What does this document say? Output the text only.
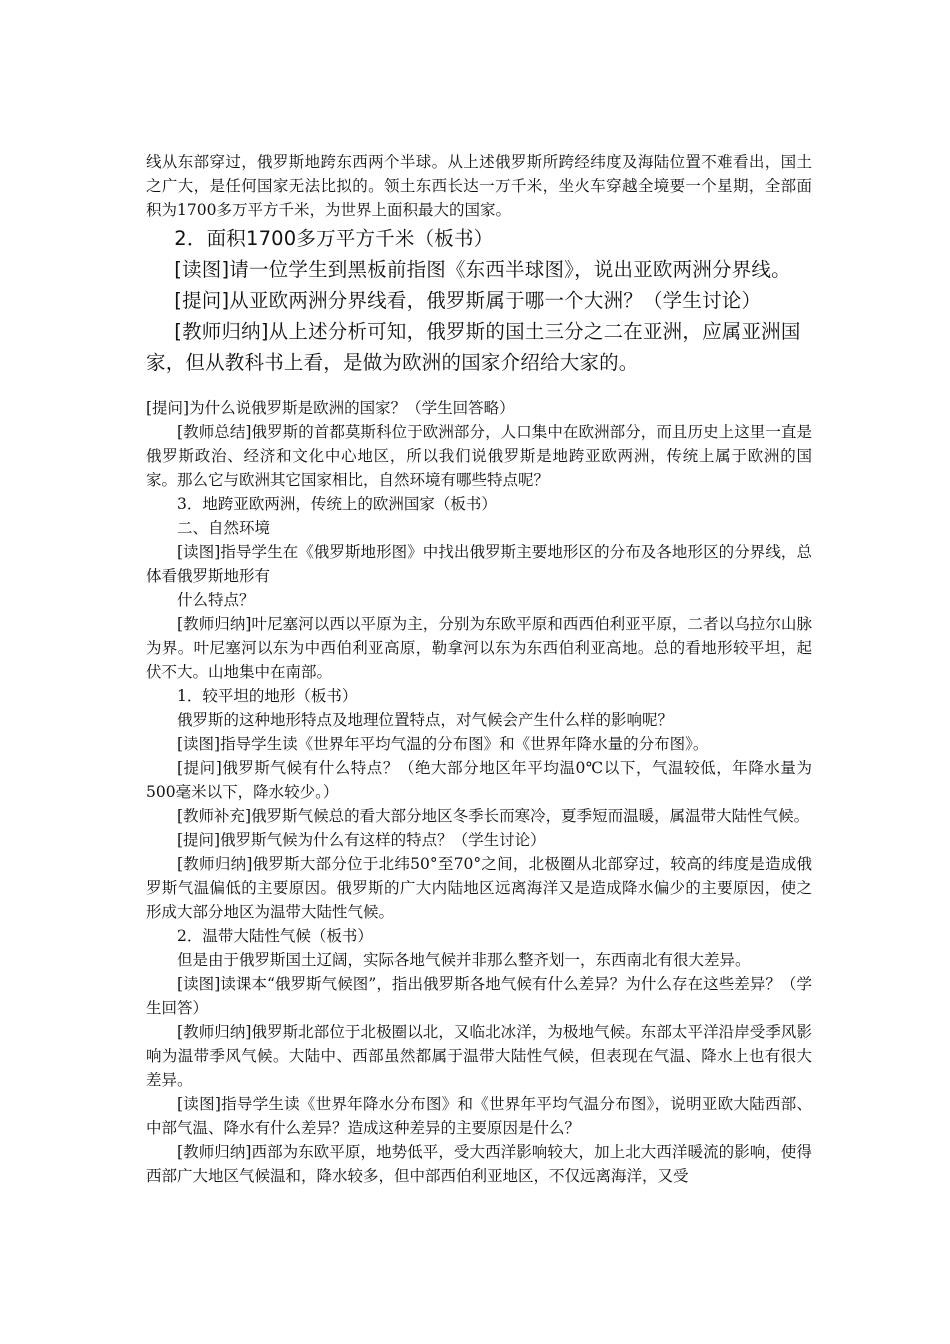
线从东部穿过，俄罗斯地跨东西两个半球。从上述俄罗斯所跨经纬度及海陆位置不难看出，国土之广大，是任何国家无法比拟的。领土东西长达一万千米，坐火车穿越全境要一个星期，全部面积为1700多万平方千米，为世界上面积最大的国家。

2．面积1700多万平方千米（板书）

[读图]请一位学生到黑板前指图《东西半球图》，说出亚欧两洲分界线。

[提问]从亚欧两洲分界线看，俄罗斯属于哪一个大洲？（学生讨论）

[教师归纳]从上述分析可知，俄罗斯的国土三分之二在亚洲，应属亚洲国家，但从教科书上看，是做为欧洲的国家介绍给大家的。

[提问]为什么说俄罗斯是欧洲的国家？（学生回答略）

[教师总结]俄罗斯的首都莫斯科位于欧洲部分，人口集中在欧洲部分，而且历史上这里一直是俄罗斯政治、经济和文化中心地区，所以我们说俄罗斯是地跨亚欧两洲，传统上属于欧洲的国家。那么它与欧洲其它国家相比，自然环境有哪些特点呢？

3．地跨亚欧两洲，传统上的欧洲国家（板书）

二、自然环境

[读图]指导学生在《俄罗斯地形图》中找出俄罗斯主要地形区的分布及各地形区的分界线，总体看俄罗斯地形有

什么特点？

[教师归纳]叶尼塞河以西以平原为主，分别为东欧平原和西西伯利亚平原，二者以乌拉尔山脉为界。叶尼塞河以东为中西伯利亚高原，勒拿河以东为东西伯利亚高地。总的看地形较平坦，起伏不大。山地集中在南部。

1．较平坦的地形（板书）

俄罗斯的这种地形特点及地理位置特点，对气候会产生什么样的影响呢？

[读图]指导学生读《世界年平均气温的分布图》和《世界年降水量的分布图》。

[提问]俄罗斯气候有什么特点？（绝大部分地区年平均温0℃以下，气温较低，年降水量为500毫米以下，降水较少。）

[教师补充]俄罗斯气候总的看大部分地区冬季长而寒冷，夏季短而温暖，属温带大陆性气候。

[提问]俄罗斯气候为什么有这样的特点？（学生讨论）

[教师归纳]俄罗斯大部分位于北纬50°至70°之间，北极圈从北部穿过，较高的纬度是造成俄罗斯气温偏低的主要原因。俄罗斯的广大内陆地区远离海洋又是造成降水偏少的主要原因，使之形成大部分地区为温带大陆性气候。

2．温带大陆性气候（板书）

但是由于俄罗斯国土辽阔，实际各地气候并非那么整齐划一，东西南北有很大差异。

[读图]读课本“俄罗斯气候图”，指出俄罗斯各地气候有什么差异？为什么存在这些差异？（学生回答）

[教师归纳]俄罗斯北部位于北极圈以北，又临北冰洋，为极地气候。东部太平洋沿岸受季风影响为温带季风气候。大陆中、西部虽然都属于温带大陆性气候，但表现在气温、降水上也有很大差异。

[读图]指导学生读《世界年降水分布图》和《世界年平均气温分布图》，说明亚欧大陆西部、中部气温、降水有什么差异？造成这种差异的主要原因是什么？

[教师归纳]西部为东欧平原，地势低平，受大西洋影响较大，加上北大西洋暖流的影响，使得西部广大地区气候温和，降水较多，但中部西伯利亚地区，不仅远离海洋，又受
